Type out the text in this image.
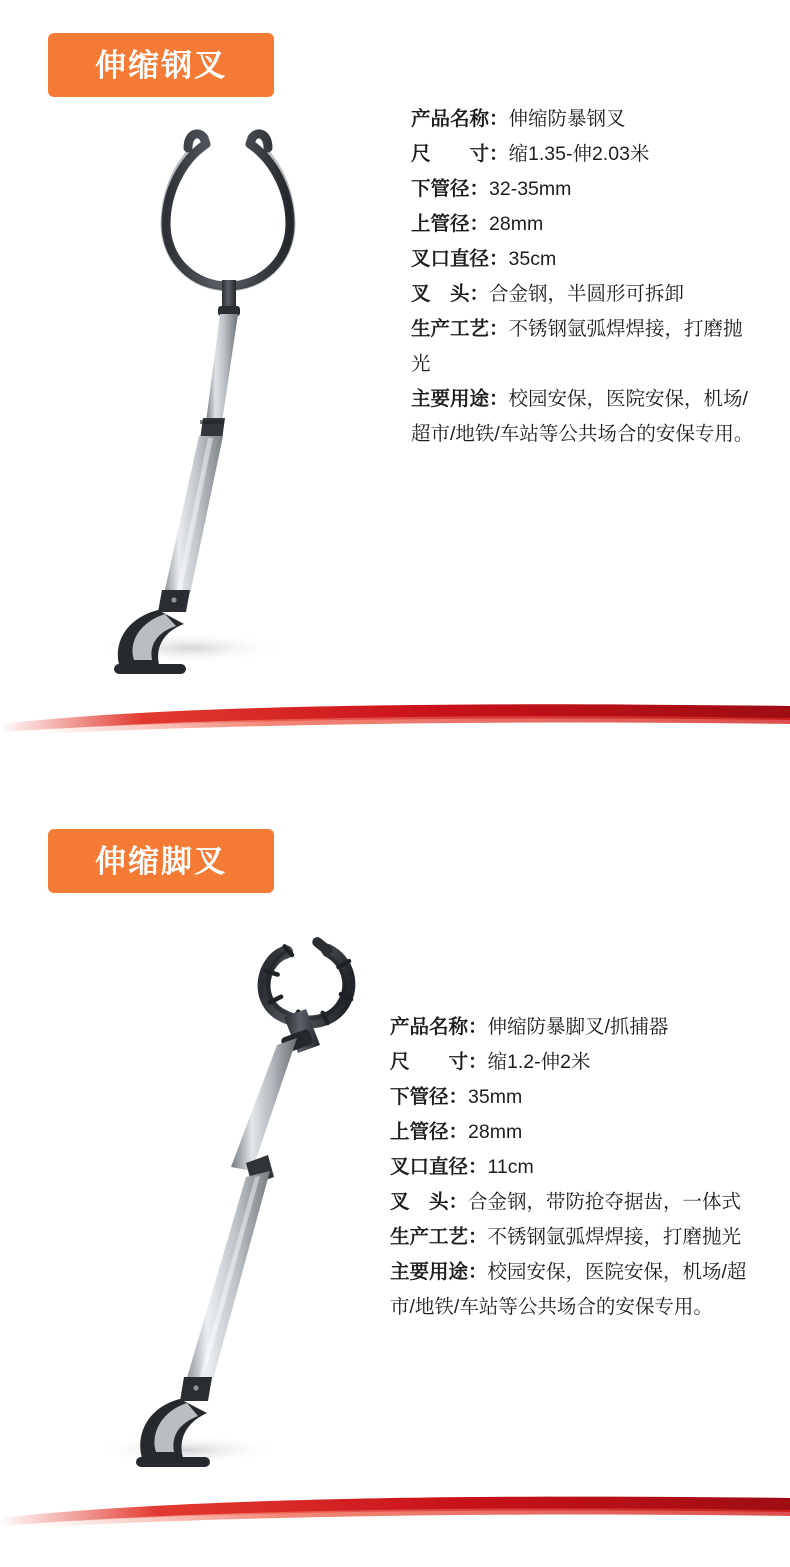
伸缩钢叉
产品名称：伸缩防暴钢叉
尺　　寸：缩1.35-伸2.03米
下管径：32-35mm
上管径：28mm
叉口直径：35cm
叉　头：合金钢，半圆形可拆卸
生产工艺：不锈钢氩弧焊焊接，打磨抛光
主要用途：校园安保，医院安保，机场/超市/地铁/车站等公共场合的安保专用。
伸缩脚叉
产品名称：伸缩防暴脚叉/抓捕器
尺　　寸：缩1.2-伸2米
下管径：35mm
上管径：28mm
叉口直径：11cm
叉　头：合金钢，带防抢夺据齿，一体式
生产工艺：不锈钢氩弧焊焊接，打磨抛光
主要用途：校园安保，医院安保，机场/超市/地铁/车站等公共场合的安保专用。
